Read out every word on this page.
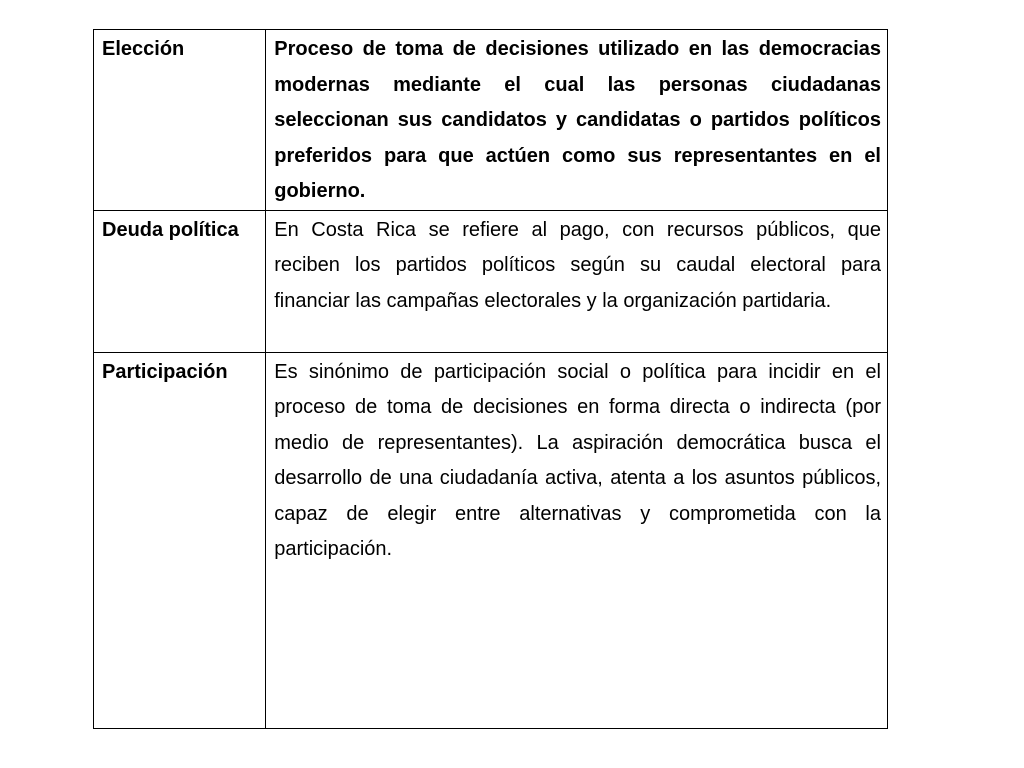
Elección	Proceso de toma de decisiones utilizado en las democracias modernas mediante el cual las personas ciudadanas seleccionan sus candidatos y candidatas o partidos políticos preferidos para que actúen como sus representantes en el gobierno.
Deuda política	En Costa Rica se refiere al pago, con recursos públicos, que reciben los partidos políticos según su caudal electoral para financiar las campañas electorales y la organización partidaria.
Participación	Es sinónimo de participación social o política para incidir en el proceso de toma de decisiones en forma directa o indirecta (por medio de representantes). La aspiración democrática busca el desarrollo de una ciudadanía activa, atenta a los asuntos públicos, capaz de elegir entre alternativas y comprometida con la participación.
